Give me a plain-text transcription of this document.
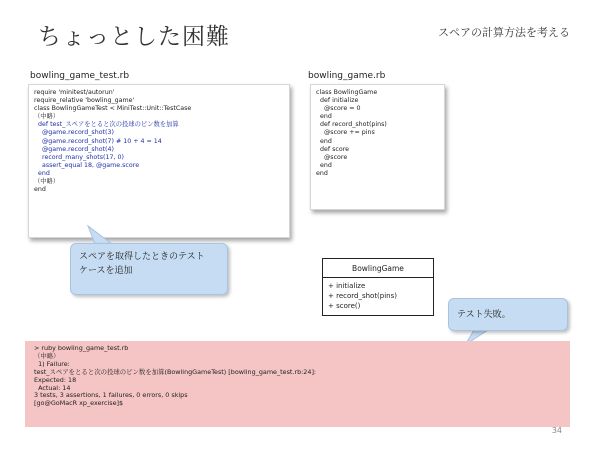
ちょっとした困難	スペアの計算方法を考える
bowling_game_test.rb
require 'minitest/autorun'
require_relative 'bowling_game'
class BowlingGameTest < MiniTest::Unit::TestCase
（中略）
def test_スペアをとると次の投球のピン数を加算
@game.record_shot(3)
@game.record_shot(7) # 10 + 4 = 14
@game.record_shot(4)
record_many_shots(17, 0)
assert_equal 18, @game.score
end
（中略）
end
bowling_game.rb
class BowlingGame
def initialize
@score = 0
end
def record_shot(pins)
@score += pins
end
def score
@score
end
end
スペアを取得したときのテスト
ケースを追加	BowlingGame
+ initialize
+ record_shot(pins)
+ score()
テスト失敗。
> ruby bowling_game_test.rb
（中略）
1) Failure:
test_スペアをとると次の投球のピン数を加算(BowlingGameTest) [bowling_game_test.rb:24]:
Expected: 18
Actual: 14
3 tests, 3 assertions, 1 failures, 0 errors, 0 skips
[go@GoMacR xp_exercise]$
34
